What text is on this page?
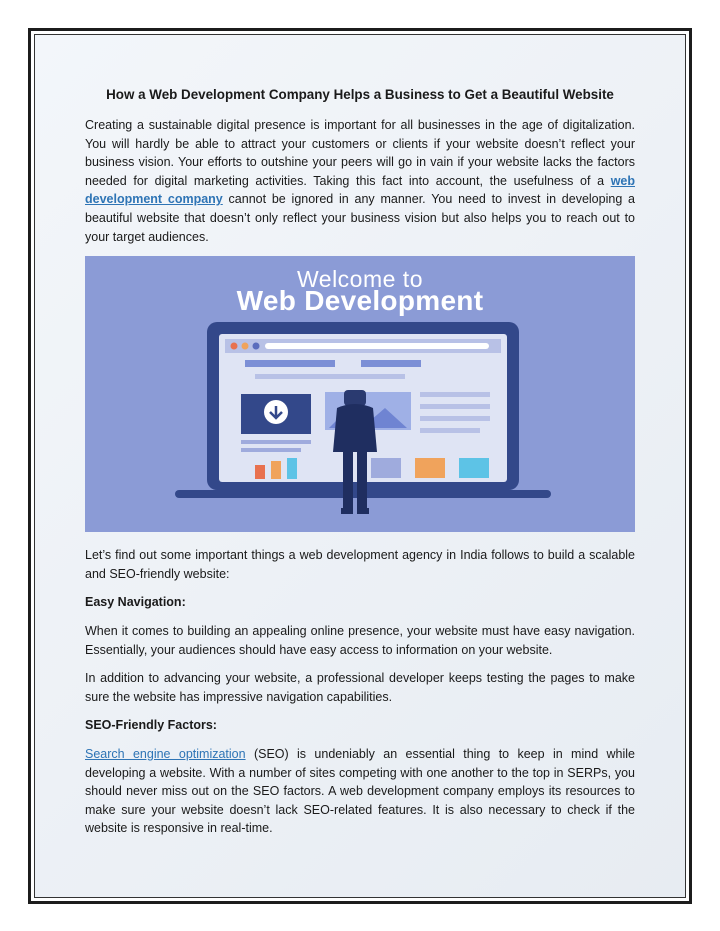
How a Web Development Company Helps a Business to Get a Beautiful Website

Creating a sustainable digital presence is important for all businesses in the age of digitalization. You will hardly be able to attract your customers or clients if your website doesn’t reflect your business vision. Your efforts to outshine your peers will go in vain if your website lacks the factors needed for digital marketing activities. Taking this fact into account, the usefulness of a web development company cannot be ignored in any manner. You need to invest in developing a beautiful website that doesn’t only reflect your business vision but also helps you to reach out to your target audiences.

Welcome to
Web Development

Let’s find out some important things a web development agency in India follows to build a scalable and SEO-friendly website:

Easy Navigation:

When it comes to building an appealing online presence, your website must have easy navigation. Essentially, your audiences should have easy access to information on your website.

In addition to advancing your website, a professional developer keeps testing the pages to make sure the website has impressive navigation capabilities.

SEO-Friendly Factors:

Search engine optimization (SEO) is undeniably an essential thing to keep in mind while developing a website. With a number of sites competing with one another to the top in SERPs, you should never miss out on the SEO factors. A web development company employs its resources to make sure your website doesn’t lack SEO-related features. It is also necessary to check if the website is responsive in real-time.
